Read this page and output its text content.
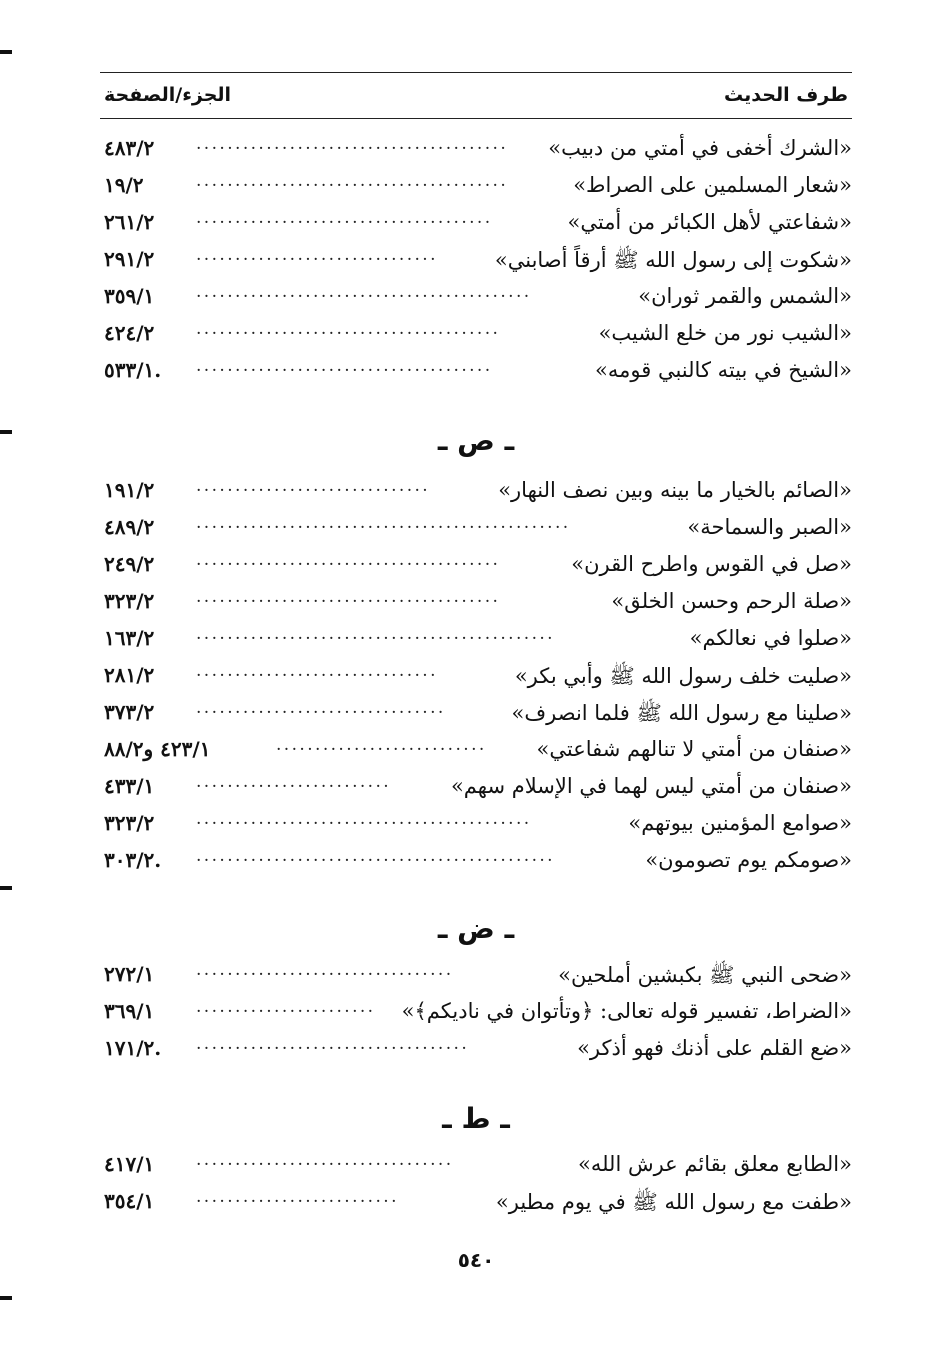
طرف الحديث
الجزء/الصفحة
«الشرك أخفى في أمتي من دبيب»
........................................
٤٨٣/٢
«شعار المسلمين على الصراط»
........................................
١٩/٢
«شفاعتي لأهل الكبائر من أمتي»
......................................
٢٦١/٢
«شكوت إلى رسول الله ﷺ أرقاً أصابني»
...............................
٢٩١/٢
«الشمس والقمر ثوران»
...........................................
٣٥٩/١
«الشيب نور من خلع الشيب»
.......................................
٤٢٤/٢
«الشيخ في بيته كالنبي قومه»
......................................
٥٣٣/١.
ـ ص ـ
«الصائم بالخيار ما بينه وبين نصف النهار»
..............................
١٩١/٢
«الصبر والسماحة»
................................................
٤٨٩/٢
«صل في القوس واطرح القرن»
.......................................
٢٤٩/٢
«صلة الرحم وحسن الخلق»
.......................................
٣٢٣/٢
«صلوا في نعالكم»
..............................................
١٦٣/٢
«صليت خلف رسول الله ﷺ وأبي بكر»
...............................
٢٨١/٢
«صلينا مع رسول الله ﷺ فلما انصرف»
................................
٣٧٣/٢
«صنفان من أمتي لا تنالهم شفاعتي»
...........................
٤٢٣/١ و٨٨/٢
«صنفان من أمتي ليس لهما في الإسلام سهم»
.........................
٤٣٣/١
«صوامع المؤمنين بيوتهم»
...........................................
٣٢٣/٢
«صومكم يوم تصومون»
..............................................
٣٠٣/٢.
ـ ض ـ
«ضحى النبي ﷺ بكبشين أملحين»
.................................
٢٧٢/١
«الضراط، تفسير قوله تعالى: ﴿وتأتوان في ناديكم﴾»
.......................
٣٦٩/١
«ضع القلم على أذنك فهو أذكر»
...................................
١٧١/٢.
ـ ط ـ
«الطابع معلق بقائم عرش الله»
.................................
٤١٧/١
«طفت مع رسول الله ﷺ في يوم مطير»
..........................
٣٥٤/١
٥٤٠
